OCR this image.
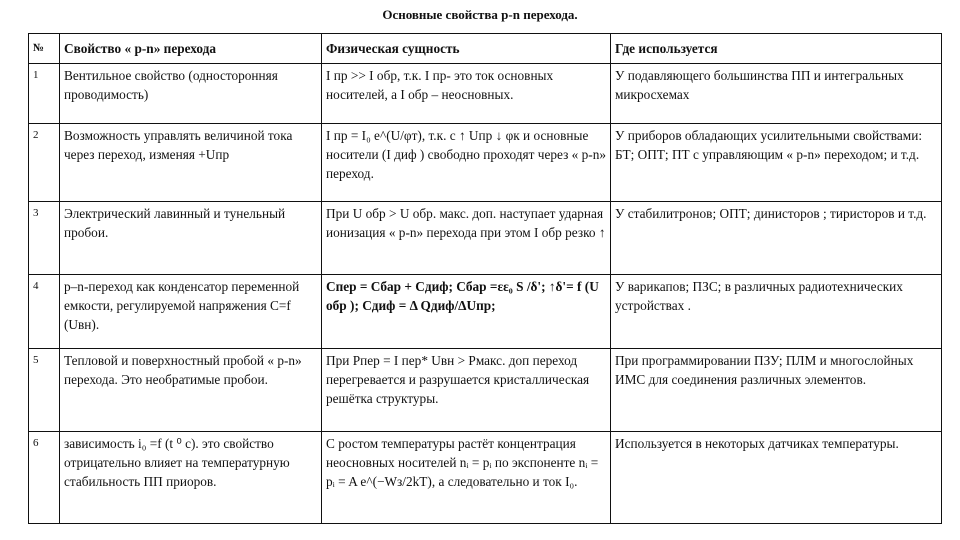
Основные свойства p-n перехода.
№	Свойство « p-n» перехода	Физическая сущность	Где используется
1	Вентильное свойство (односторонняя проводимость)	I пр >> I обр, т.к. I пр- это ток основных носителей, а I обр – неосновных.	У подавляющего большинства ПП и интегральных микросхемах
2	Возможность управлять величиной тока через переход, изменяя +Uпр	I пр = I₀ e^(U/φт), т.к. с ↑ Uпр ↓ φк и основные носители (I диф ) свободно проходят через « p-n» переход.	У приборов обладающих усилительными свойствами: БТ; ОПТ; ПТ с управляющим « p-n» переходом; и т.д.
3	Электрический лавинный и тунельный пробои.	При U обр > U обр. макс. доп. наступает ударная ионизация « p-n» перехода при этом I обр резко ↑	У стабилитронов; ОПТ; динисторов ; тиристоров и т.д.
4	p–n-переход как конденсатор переменной емкости, регулируемой напряжения C=f (Uвн).	Cпер = Cбар + Cдиф; Cбар =εε₀ S /δ'; ↑δ'= f (U обр ); Cдиф = Δ Qдиф/ΔUпр;	У варикапов; ПЗС; в различных радиотехнических устройствах .
5	Тепловой и поверхностный пробой « p-n» перехода. Это необратимые пробои.	При Pпер = I пер* Uвн > Pмакс. доп переход перегревается и разрушается кристаллическая решётка структуры.	При программировании ПЗУ; ПЛМ и многослойных ИМС для соединения различных элементов.
6	зависимость i₀ =f (t ⁰ c). это свойство отрицательно влияет на температурную стабильность ПП приоров.	С ростом температуры растёт концентрация неосновных носителей nᵢ = pᵢ по экспоненте nᵢ = pᵢ = A e^(−Wз/2kT), а следовательно и ток I₀.	Используется в некоторых датчиках температуры.
